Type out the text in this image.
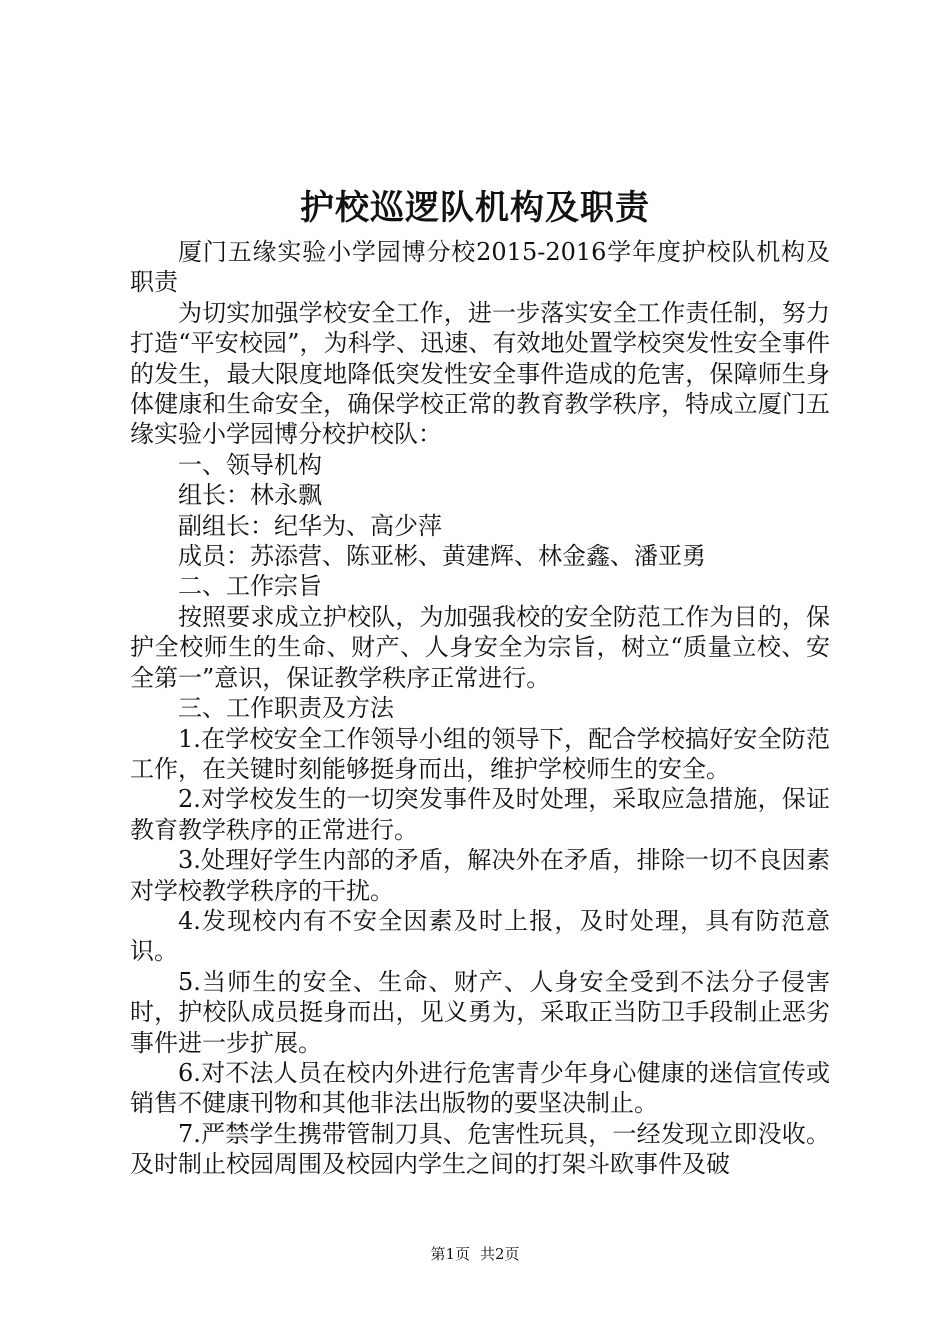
护校巡逻队机构及职责

厦门五缘实验小学园博分校2015-2016学年度护校队机构及职责

为切实加强学校安全工作，进一步落实安全工作责任制，努力打造“平安校园”，为科学、迅速、有效地处置学校突发性安全事件的发生，最大限度地降低突发性安全事件造成的危害，保障师生身体健康和生命安全，确保学校正常的教育教学秩序，特成立厦门五缘实验小学园博分校护校队：

一、领导机构

组长：林永飘

副组长：纪华为、高少萍

成员：苏添营、陈亚彬、黄建辉、林金鑫、潘亚勇

二、工作宗旨

按照要求成立护校队，为加强我校的安全防范工作为目的，保护全校师生的生命、财产、人身安全为宗旨，树立“质量立校、安全第一”意识，保证教学秩序正常进行。

三、工作职责及方法

1.在学校安全工作领导小组的领导下，配合学校搞好安全防范工作，在关键时刻能够挺身而出，维护学校师生的安全。

2.对学校发生的一切突发事件及时处理，采取应急措施，保证教育教学秩序的正常进行。

3.处理好学生内部的矛盾，解决外在矛盾，排除一切不良因素对学校教学秩序的干扰。

4.发现校内有不安全因素及时上报，及时处理，具有防范意识。

5.当师生的安全、生命、财产、人身安全受到不法分子侵害时，护校队成员挺身而出，见义勇为，采取正当防卫手段制止恶劣事件进一步扩展。

6.对不法人员在校内外进行危害青少年身心健康的迷信宣传或销售不健康刊物和其他非法出版物的要坚决制止。

7.严禁学生携带管制刀具、危害性玩具，一经发现立即没收。及时制止校园周围及校园内学生之间的打架斗欧事件及破

第1页 共2页
